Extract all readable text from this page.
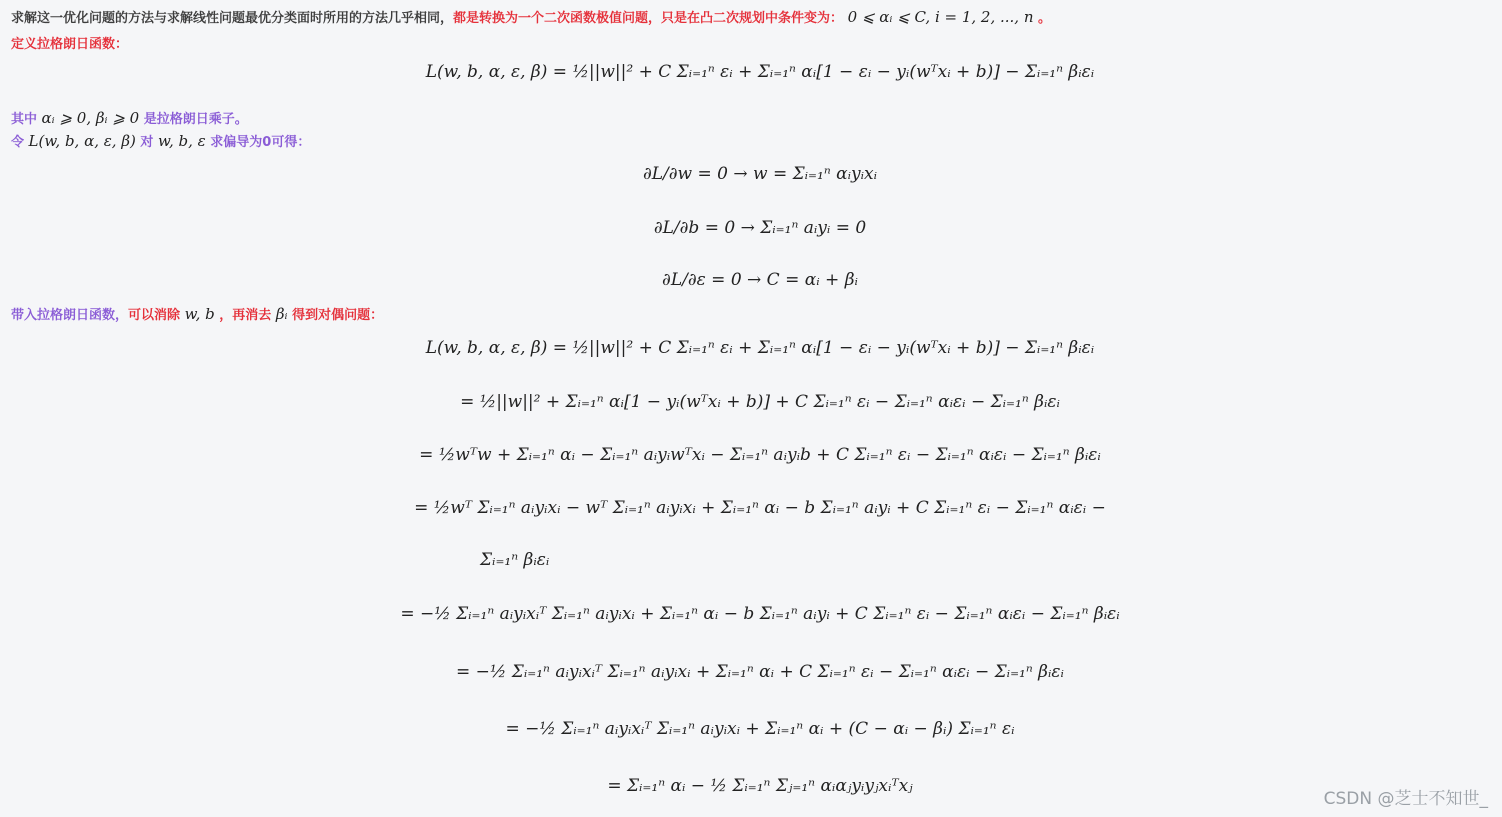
求解这一优化问题的方法与求解线性问题最优分类面时所用的方法几乎相同，都是转换为一个二次函数极值问题，只是在凸二次规划中条件变为： 0 ⩽ αᵢ ⩽ C, i = 1, 2, ..., n 。
定义拉格朗日函数：
L(w, b, α, ε, β) = ½||w||² + C Σᵢ₌₁ⁿ εᵢ + Σᵢ₌₁ⁿ αᵢ[1 − εᵢ − yᵢ(wᵀxᵢ + b)] − Σᵢ₌₁ⁿ βᵢεᵢ
其中 αᵢ ⩾ 0, βᵢ ⩾ 0 是拉格朗日乘子。
令 L(w, b, α, ε, β) 对 w, b, ε 求偏导为0可得：
∂L/∂w = 0 → w = Σᵢ₌₁ⁿ αᵢyᵢxᵢ
∂L/∂b = 0 → Σᵢ₌₁ⁿ aᵢyᵢ = 0
∂L/∂ε = 0 → C = αᵢ + βᵢ
带入拉格朗日函数，可以消除 w, b ，再消去 βᵢ 得到对偶问题：
L(w, b, α, ε, β) = ½||w||² + C Σᵢ₌₁ⁿ εᵢ + Σᵢ₌₁ⁿ αᵢ[1 − εᵢ − yᵢ(wᵀxᵢ + b)] − Σᵢ₌₁ⁿ βᵢεᵢ
= ½||w||² + Σᵢ₌₁ⁿ αᵢ[1 − yᵢ(wᵀxᵢ + b)] + C Σᵢ₌₁ⁿ εᵢ − Σᵢ₌₁ⁿ αᵢεᵢ − Σᵢ₌₁ⁿ βᵢεᵢ
= ½wᵀw + Σᵢ₌₁ⁿ αᵢ − Σᵢ₌₁ⁿ aᵢyᵢwᵀxᵢ − Σᵢ₌₁ⁿ aᵢyᵢb + C Σᵢ₌₁ⁿ εᵢ − Σᵢ₌₁ⁿ αᵢεᵢ − Σᵢ₌₁ⁿ βᵢεᵢ
= ½wᵀ Σᵢ₌₁ⁿ aᵢyᵢxᵢ − wᵀ Σᵢ₌₁ⁿ aᵢyᵢxᵢ + Σᵢ₌₁ⁿ αᵢ − b Σᵢ₌₁ⁿ aᵢyᵢ + C Σᵢ₌₁ⁿ εᵢ − Σᵢ₌₁ⁿ αᵢεᵢ −
Σᵢ₌₁ⁿ βᵢεᵢ
= −½ Σᵢ₌₁ⁿ aᵢyᵢxᵢᵀ Σᵢ₌₁ⁿ aᵢyᵢxᵢ + Σᵢ₌₁ⁿ αᵢ − b Σᵢ₌₁ⁿ aᵢyᵢ + C Σᵢ₌₁ⁿ εᵢ − Σᵢ₌₁ⁿ αᵢεᵢ − Σᵢ₌₁ⁿ βᵢεᵢ
= −½ Σᵢ₌₁ⁿ aᵢyᵢxᵢᵀ Σᵢ₌₁ⁿ aᵢyᵢxᵢ + Σᵢ₌₁ⁿ αᵢ + C Σᵢ₌₁ⁿ εᵢ − Σᵢ₌₁ⁿ αᵢεᵢ − Σᵢ₌₁ⁿ βᵢεᵢ
= −½ Σᵢ₌₁ⁿ aᵢyᵢxᵢᵀ Σᵢ₌₁ⁿ aᵢyᵢxᵢ + Σᵢ₌₁ⁿ αᵢ + (C − αᵢ − βᵢ) Σᵢ₌₁ⁿ εᵢ
= Σᵢ₌₁ⁿ αᵢ − ½ Σᵢ₌₁ⁿ Σⱼ₌₁ⁿ αᵢαⱼyᵢyⱼxᵢᵀxⱼ
CSDN @芝士不知世_
